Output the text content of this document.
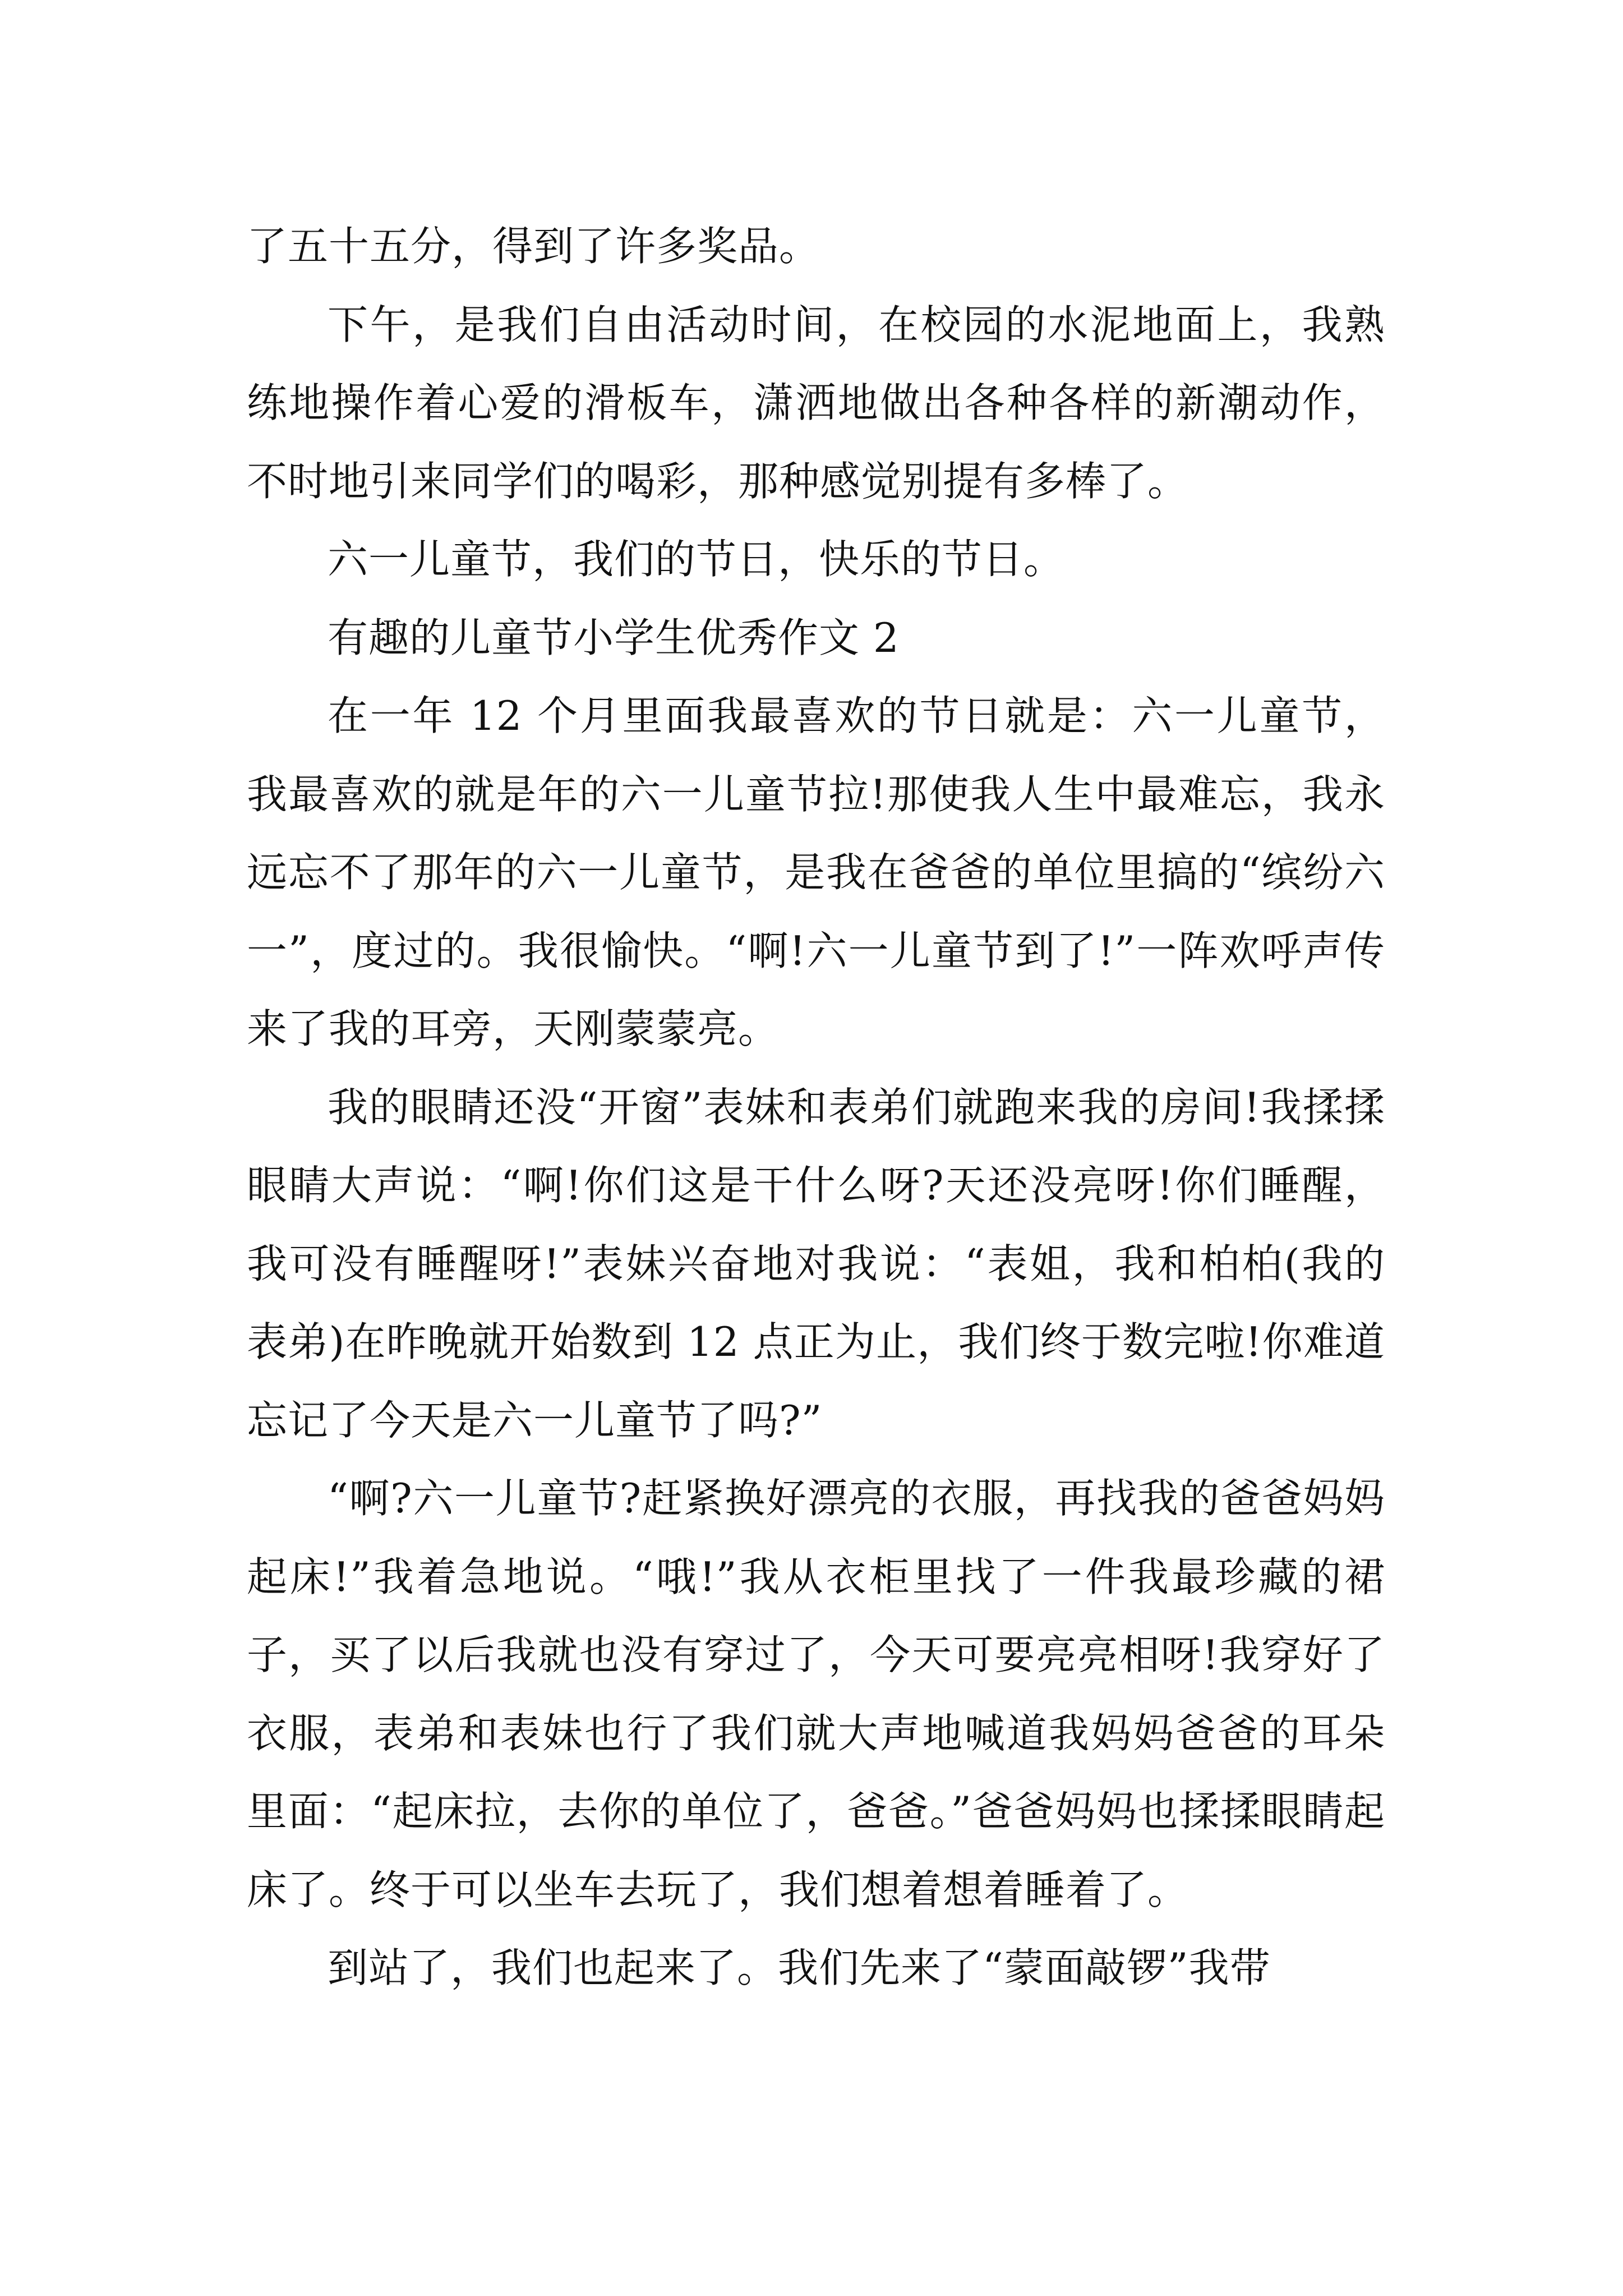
了五十五分，得到了许多奖品。

下午，是我们自由活动时间，在校园的水泥地面上，我熟练地操作着心爱的滑板车，潇洒地做出各种各样的新潮动作，不时地引来同学们的喝彩，那种感觉别提有多棒了。

六一儿童节，我们的节日，快乐的节日。

有趣的儿童节小学生优秀作文 2

在一年 12 个月里面我最喜欢的节日就是：六一儿童节，我最喜欢的就是年的六一儿童节拉!那使我人生中最难忘，我永远忘不了那年的六一儿童节，是我在爸爸的单位里搞的“缤纷六一”，度过的。我很愉快。“啊!六一儿童节到了!”一阵欢呼声传来了我的耳旁，天刚蒙蒙亮。

我的眼睛还没“开窗”表妹和表弟们就跑来我的房间!我揉揉眼睛大声说：“啊!你们这是干什么呀?天还没亮呀!你们睡醒，我可没有睡醒呀!”表妹兴奋地对我说：“表姐，我和柏柏(我的表弟)在昨晚就开始数到 12 点正为止，我们终于数完啦!你难道忘记了今天是六一儿童节了吗?”

“啊?六一儿童节?赶紧换好漂亮的衣服，再找我的爸爸妈妈起床!”我着急地说。“哦!”我从衣柜里找了一件我最珍藏的裙子，买了以后我就也没有穿过了，今天可要亮亮相呀!我穿好了衣服，表弟和表妹也行了我们就大声地喊道我妈妈爸爸的耳朵里面：“起床拉，去你的单位了，爸爸。”爸爸妈妈也揉揉眼睛起床了。终于可以坐车去玩了，我们想着想着睡着了。

到站了，我们也起来了。我们先来了“蒙面敲锣”我带
